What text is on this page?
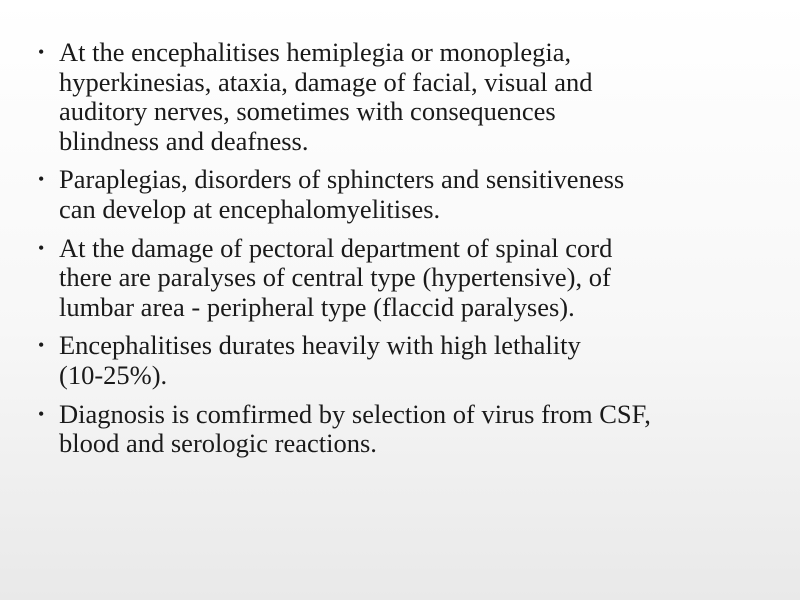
• At the encephalitises hemiplegia or monoplegia,
hyperkinesias, ataxia, damage of facial, visual and
auditory nerves, sometimes with consequences
blindness and deafness.
• Paraplegias, disorders of sphincters and sensitiveness
can develop at encephalomyelitises.
• At the damage of pectoral department of spinal cord
there are paralyses of central type (hypertensive), of
lumbar area - peripheral type (flaccid paralyses).
• Encephalitises durates heavily with high lethality
(10-25%).
• Diagnosis is comfirmed by selection of virus from CSF,
blood and serologic reactions.
